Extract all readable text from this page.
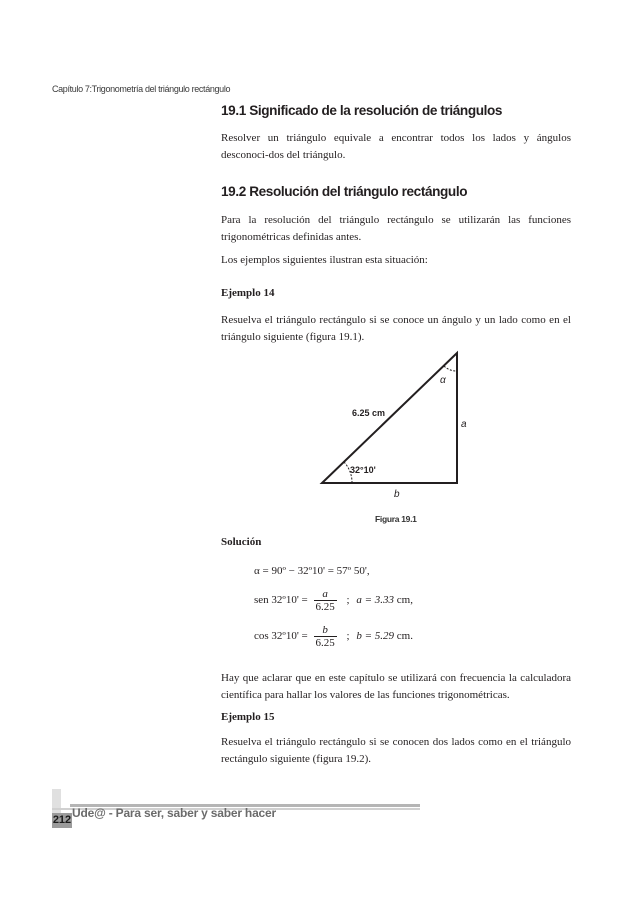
Capítulo 7:Trigonometría del triángulo rectángulo
19.1 Significado de la resolución de triángulos
Resolver un triángulo equivale a encontrar todos los lados y ángulos desconoci-dos del triángulo.
19.2 Resolución del triángulo rectángulo
Para la resolución del triángulo rectángulo se utilizarán las funciones trigonométricas definidas antes.
Los ejemplos siguientes ilustran esta situación:
Ejemplo 14
Resuelva el triángulo rectángulo si se conoce un ángulo y un lado como en el triángulo siguiente (figura 19.1).
6.25 cm
32°10'
α
a
b
Figura 19.1
Solución
α = 90º − 32º10' = 57º 50',
sen 32º10' = $\frac{a}{6.25}$ ; a = 3.33 cm,
cos 32º10' = $\frac{b}{6.25}$ ; b = 5.29 cm.
Hay que aclarar que en este capítulo se utilizará con frecuencia la calculadora científica para hallar los valores de las funciones trigonométricas.
Ejemplo 15
Resuelva el triángulo rectángulo si se conocen dos lados como en el triángulo rectángulo siguiente (figura 19.2).
212 Ude@ - Para ser, saber y saber hacer
